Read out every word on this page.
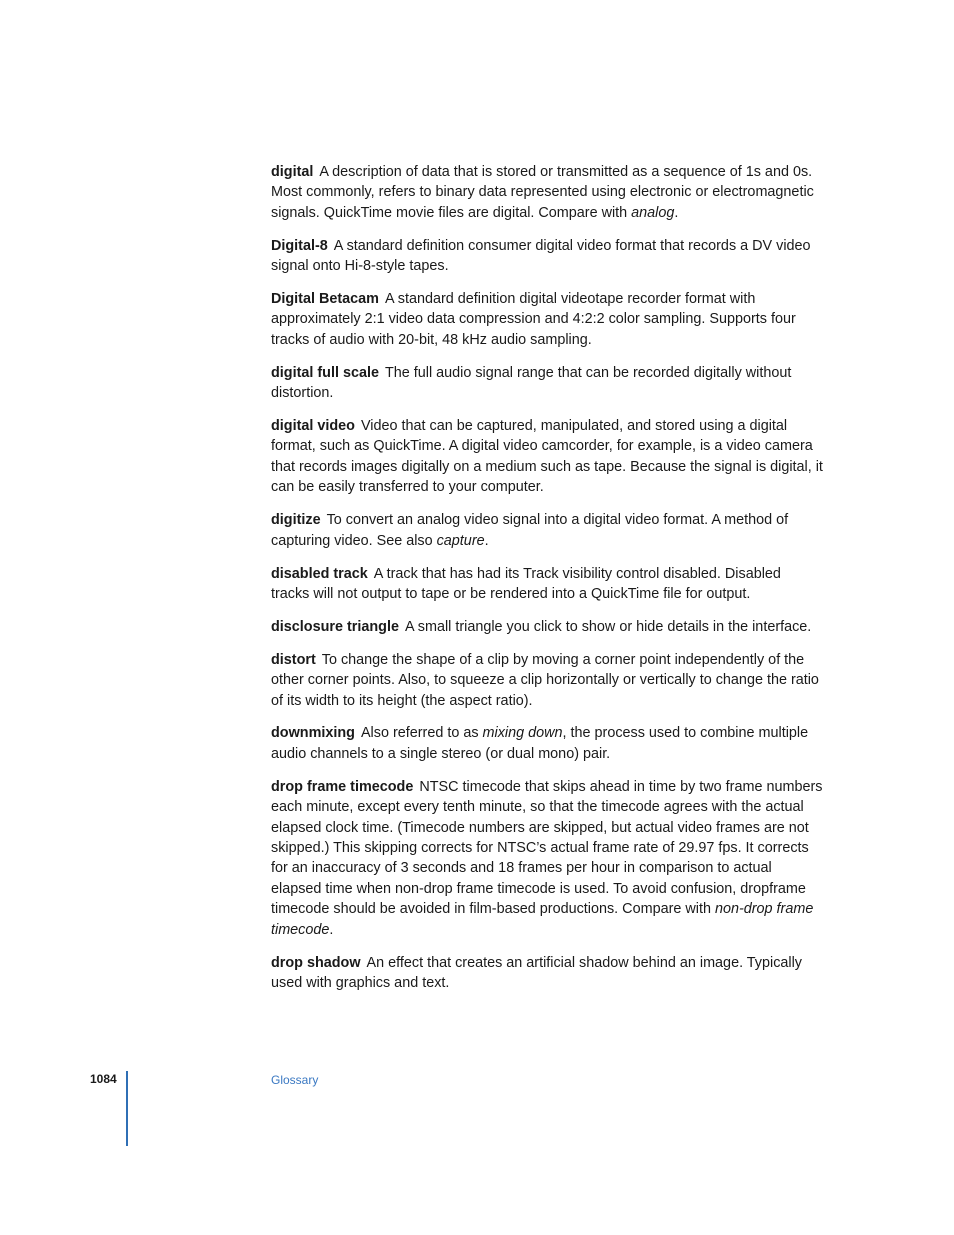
digital A description of data that is stored or transmitted as a sequence of 1s and 0s. Most commonly, refers to binary data represented using electronic or electromagnetic signals. QuickTime movie files are digital. Compare with analog.

Digital-8 A standard definition consumer digital video format that records a DV video signal onto Hi-8-style tapes.

Digital Betacam A standard definition digital videotape recorder format with approximately 2:1 video data compression and 4:2:2 color sampling. Supports four tracks of audio with 20-bit, 48 kHz audio sampling.

digital full scale The full audio signal range that can be recorded digitally without distortion.

digital video Video that can be captured, manipulated, and stored using a digital format, such as QuickTime. A digital video camcorder, for example, is a video camera that records images digitally on a medium such as tape. Because the signal is digital, it can be easily transferred to your computer.

digitize To convert an analog video signal into a digital video format. A method of capturing video. See also capture.

disabled track A track that has had its Track visibility control disabled. Disabled tracks will not output to tape or be rendered into a QuickTime file for output.

disclosure triangle A small triangle you click to show or hide details in the interface.

distort To change the shape of a clip by moving a corner point independently of the other corner points. Also, to squeeze a clip horizontally or vertically to change the ratio of its width to its height (the aspect ratio).

downmixing Also referred to as mixing down, the process used to combine multiple audio channels to a single stereo (or dual mono) pair.

drop frame timecode NTSC timecode that skips ahead in time by two frame numbers each minute, except every tenth minute, so that the timecode agrees with the actual elapsed clock time. (Timecode numbers are skipped, but actual video frames are not skipped.) This skipping corrects for NTSC’s actual frame rate of 29.97 fps. It corrects for an inaccuracy of 3 seconds and 18 frames per hour in comparison to actual elapsed time when non-drop frame timecode is used. To avoid confusion, dropframe timecode should be avoided in film-based productions. Compare with non-drop frame timecode.

drop shadow An effect that creates an artificial shadow behind an image. Typically used with graphics and text.

1084	Glossary
